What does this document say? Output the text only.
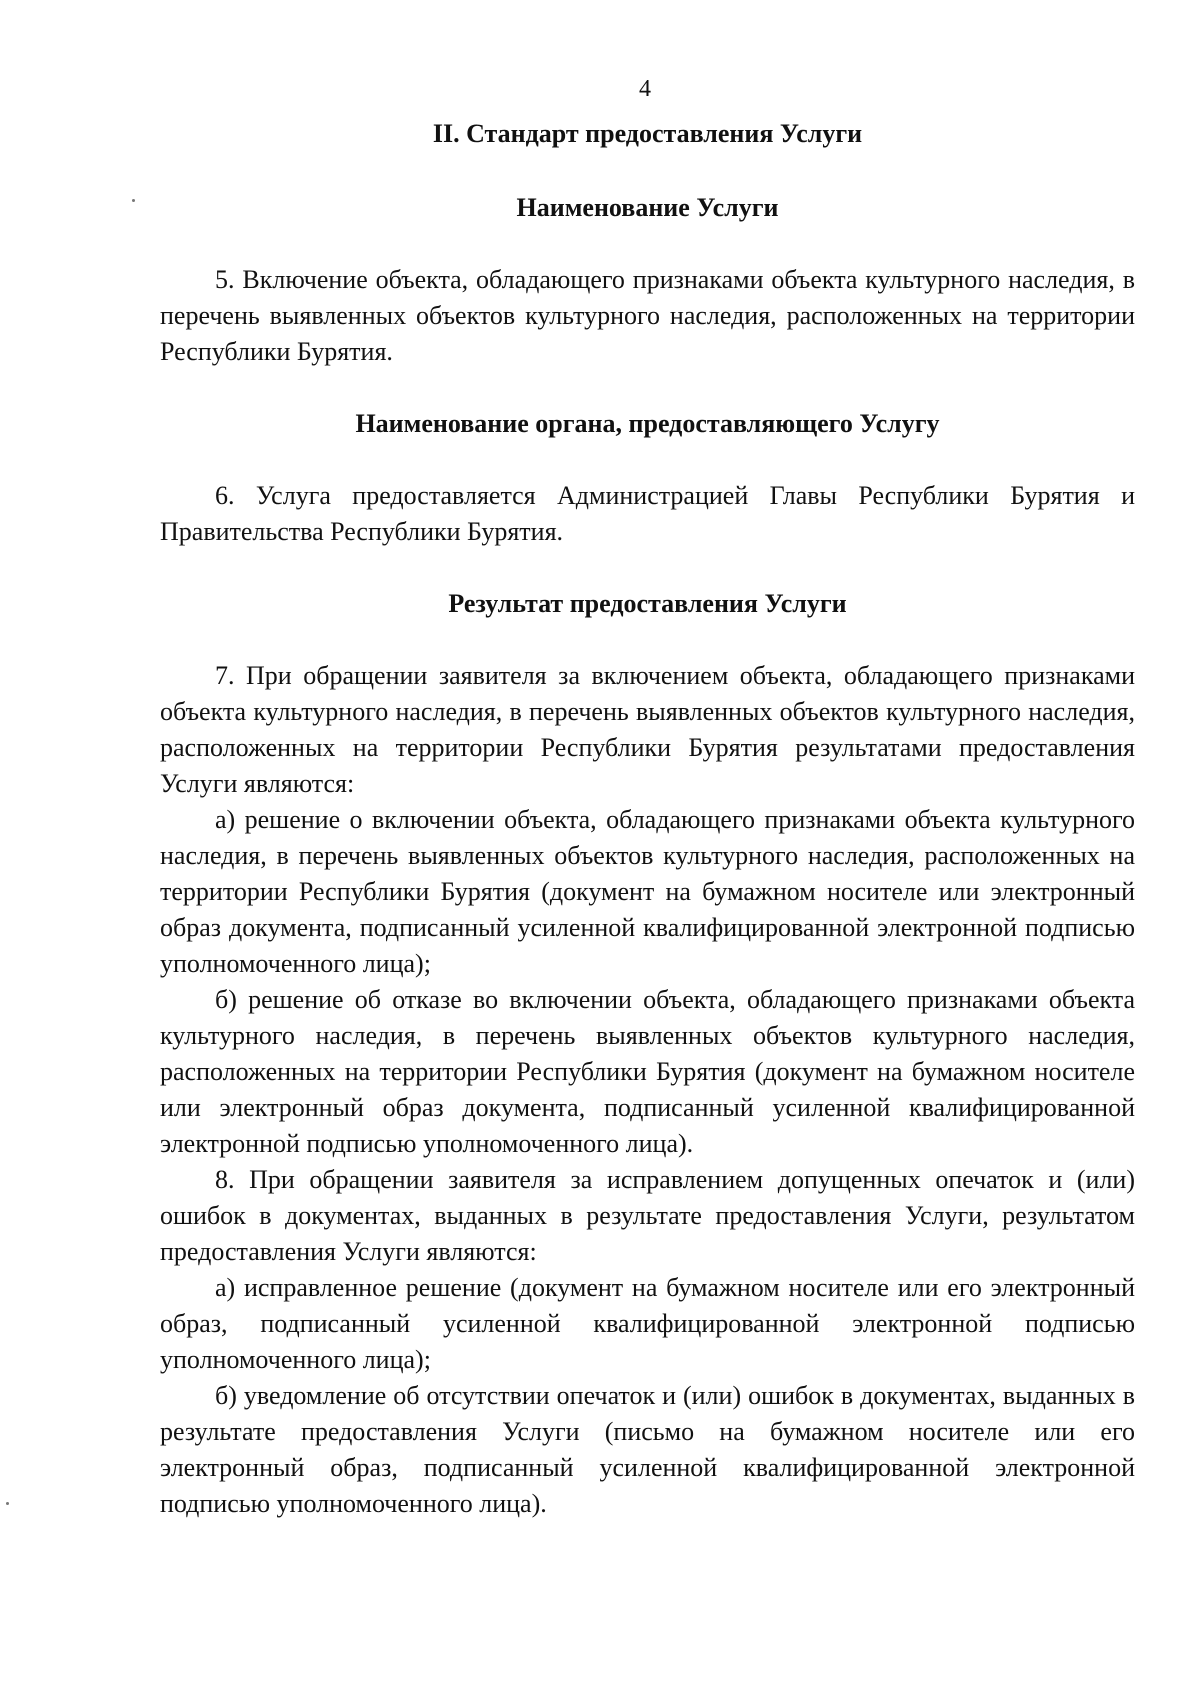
4
II. Стандарт предоставления Услуги
Наименование Услуги

5. Включение объекта, обладающего признаками объекта культурного наследия, в перечень выявленных объектов культурного наследия, расположенных на территории Республики Бурятия.

Наименование органа, предоставляющего Услугу

6. Услуга предоставляется Администрацией Главы Республики Бурятия и Правительства Республики Бурятия.

Результат предоставления Услуги

7. При обращении заявителя за включением объекта, обладающего признаками объекта культурного наследия, в перечень выявленных объектов культурного наследия, расположенных на территории Республики Бурятия результатами предоставления Услуги являются:

а) решение о включении объекта, обладающего признаками объекта культурного наследия, в перечень выявленных объектов культурного наследия, расположенных на территории Республики Бурятия (документ на бумажном носителе или электронный образ документа, подписанный усиленной квалифицированной электронной подписью уполномоченного лица);

б) решение об отказе во включении объекта, обладающего признаками объекта культурного наследия, в перечень выявленных объектов культурного наследия, расположенных на территории Республики Бурятия (документ на бумажном носителе или электронный образ документа, подписанный усиленной квалифицированной электронной подписью уполномоченного лица).

8. При обращении заявителя за исправлением допущенных опечаток и (или) ошибок в документах, выданных в результате предоставления Услуги, результатом предоставления Услуги являются:

а) исправленное решение (документ на бумажном носителе или его электронный образ, подписанный усиленной квалифицированной электронной подписью уполномоченного лица);

б) уведомление об отсутствии опечаток и (или) ошибок в документах, выданных в результате предоставления Услуги (письмо на бумажном носителе или его электронный образ, подписанный усиленной квалифицированной электронной подписью уполномоченного лица).
